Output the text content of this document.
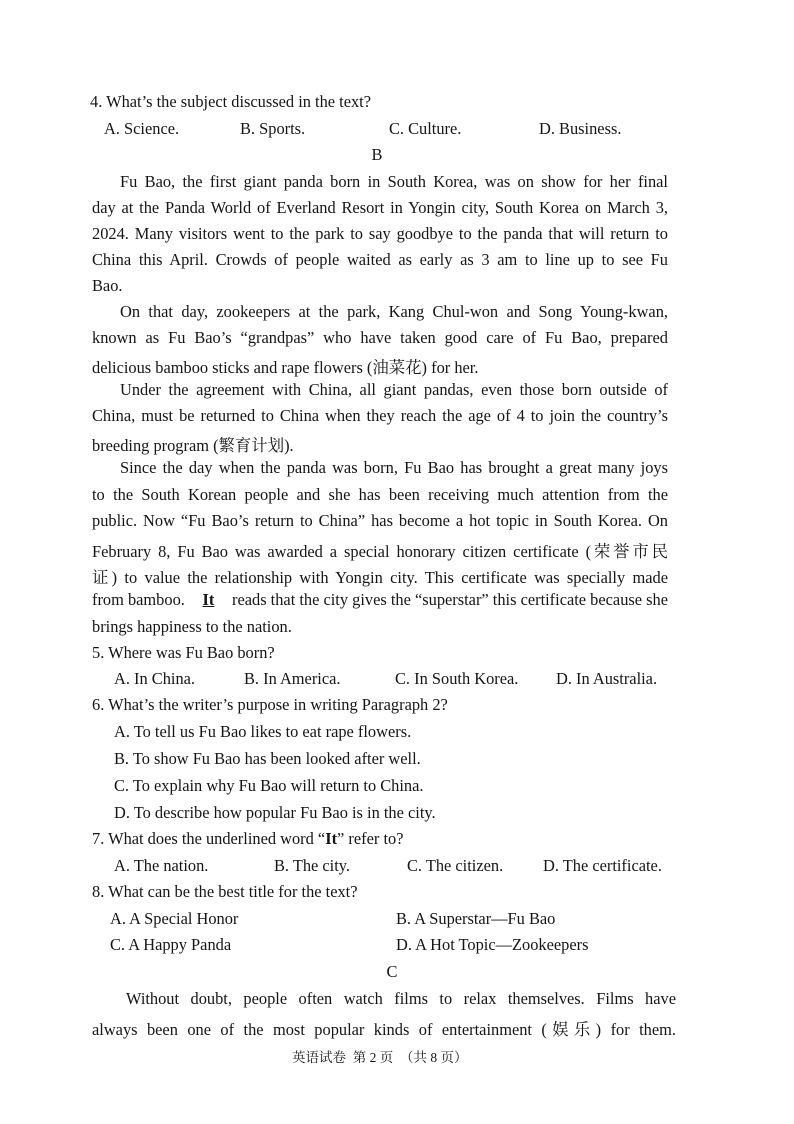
4. What’s the subject discussed in the text?
A. Science.	B. Sports.	C. Culture.	D. Business.
B
Fu Bao, the first giant panda born in South Korea, was on show for her final
day at the Panda World of Everland Resort in Yongin city, South Korea on March 3,
2024. Many visitors went to the park to say goodbye to the panda that will return to
China this April. Crowds of people waited as early as 3 am to line up to see Fu
Bao.
On that day, zookeepers at the park, Kang Chul-won and Song Young-kwan,
known as Fu Bao’s “grandpas” who have taken good care of Fu Bao, prepared
delicious bamboo sticks and rape flowers (油菜花) for her.
Under the agreement with China, all giant pandas, even those born outside of
China, must be returned to China when they reach the age of 4 to join the country’s
breeding program (繁育计划).
Since the day when the panda was born, Fu Bao has brought a great many joys
to the South Korean people and she has been receiving much attention from the
public. Now “Fu Bao’s return to China” has become a hot topic in South Korea. On
February 8, Fu Bao was awarded a special honorary citizen certificate (荣誉市民
证) to value the relationship with Yongin city. This certificate was specially made
from bamboo. It reads that the city gives the “superstar” this certificate because she
brings happiness to the nation.
5. Where was Fu Bao born?
A. In China.	B. In America.	C. In South Korea. D. In Australia.
6. What’s the writer’s purpose in writing Paragraph 2?
A. To tell us Fu Bao likes to eat rape flowers.
B. To show Fu Bao has been looked after well.
C. To explain why Fu Bao will return to China.
D. To describe how popular Fu Bao is in the city.
7. What does the underlined word “It” refer to?
A. The nation.	B. The city.	C. The citizen. D. The certificate.
8. What can be the best title for the text?
A. A Special Honor	B. A Superstar—Fu Bao
C. A Happy Panda	D. A Hot Topic—Zookeepers
C
Without doubt, people often watch films to relax themselves. Films have
always been one of the most popular kinds of entertainment (娱乐) for them.
英语试卷  第 2 页  （共 8 页）
